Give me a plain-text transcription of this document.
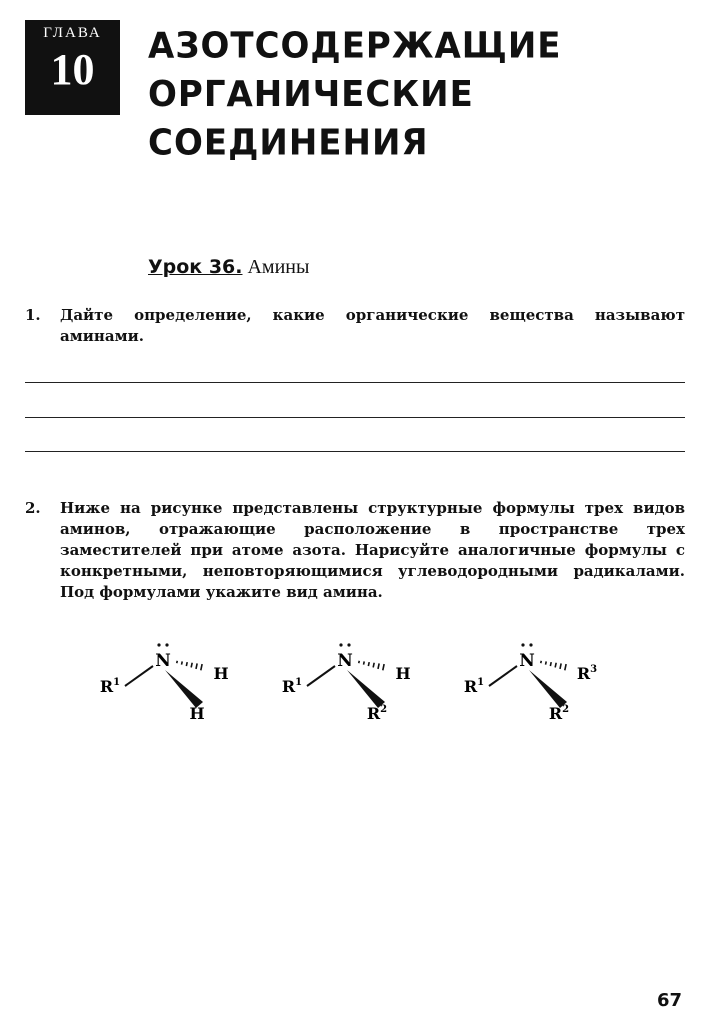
ГЛАВА
10	АЗОТСОДЕРЖАЩИЕ
ОРГАНИЧЕСКИЕ
СОЕДИНЕНИЯ
Урок 36. Амины
1. Дайте определение, какие органические вещества называют аминами.
2. Ниже на рисунке представлены структурные формулы трех видов аминов, отражающие расположение в пространстве трех заместителей при атоме азота. Нарисуйте аналогичные формулы с конкретными, неповторяющимися углеводородными радикалами. Под формулами укажите вид амина.
N
$R^1$	H
H
N
$R^1$	H
$R^2$
N
$R^1$	$R^3$
$R^2$
67
